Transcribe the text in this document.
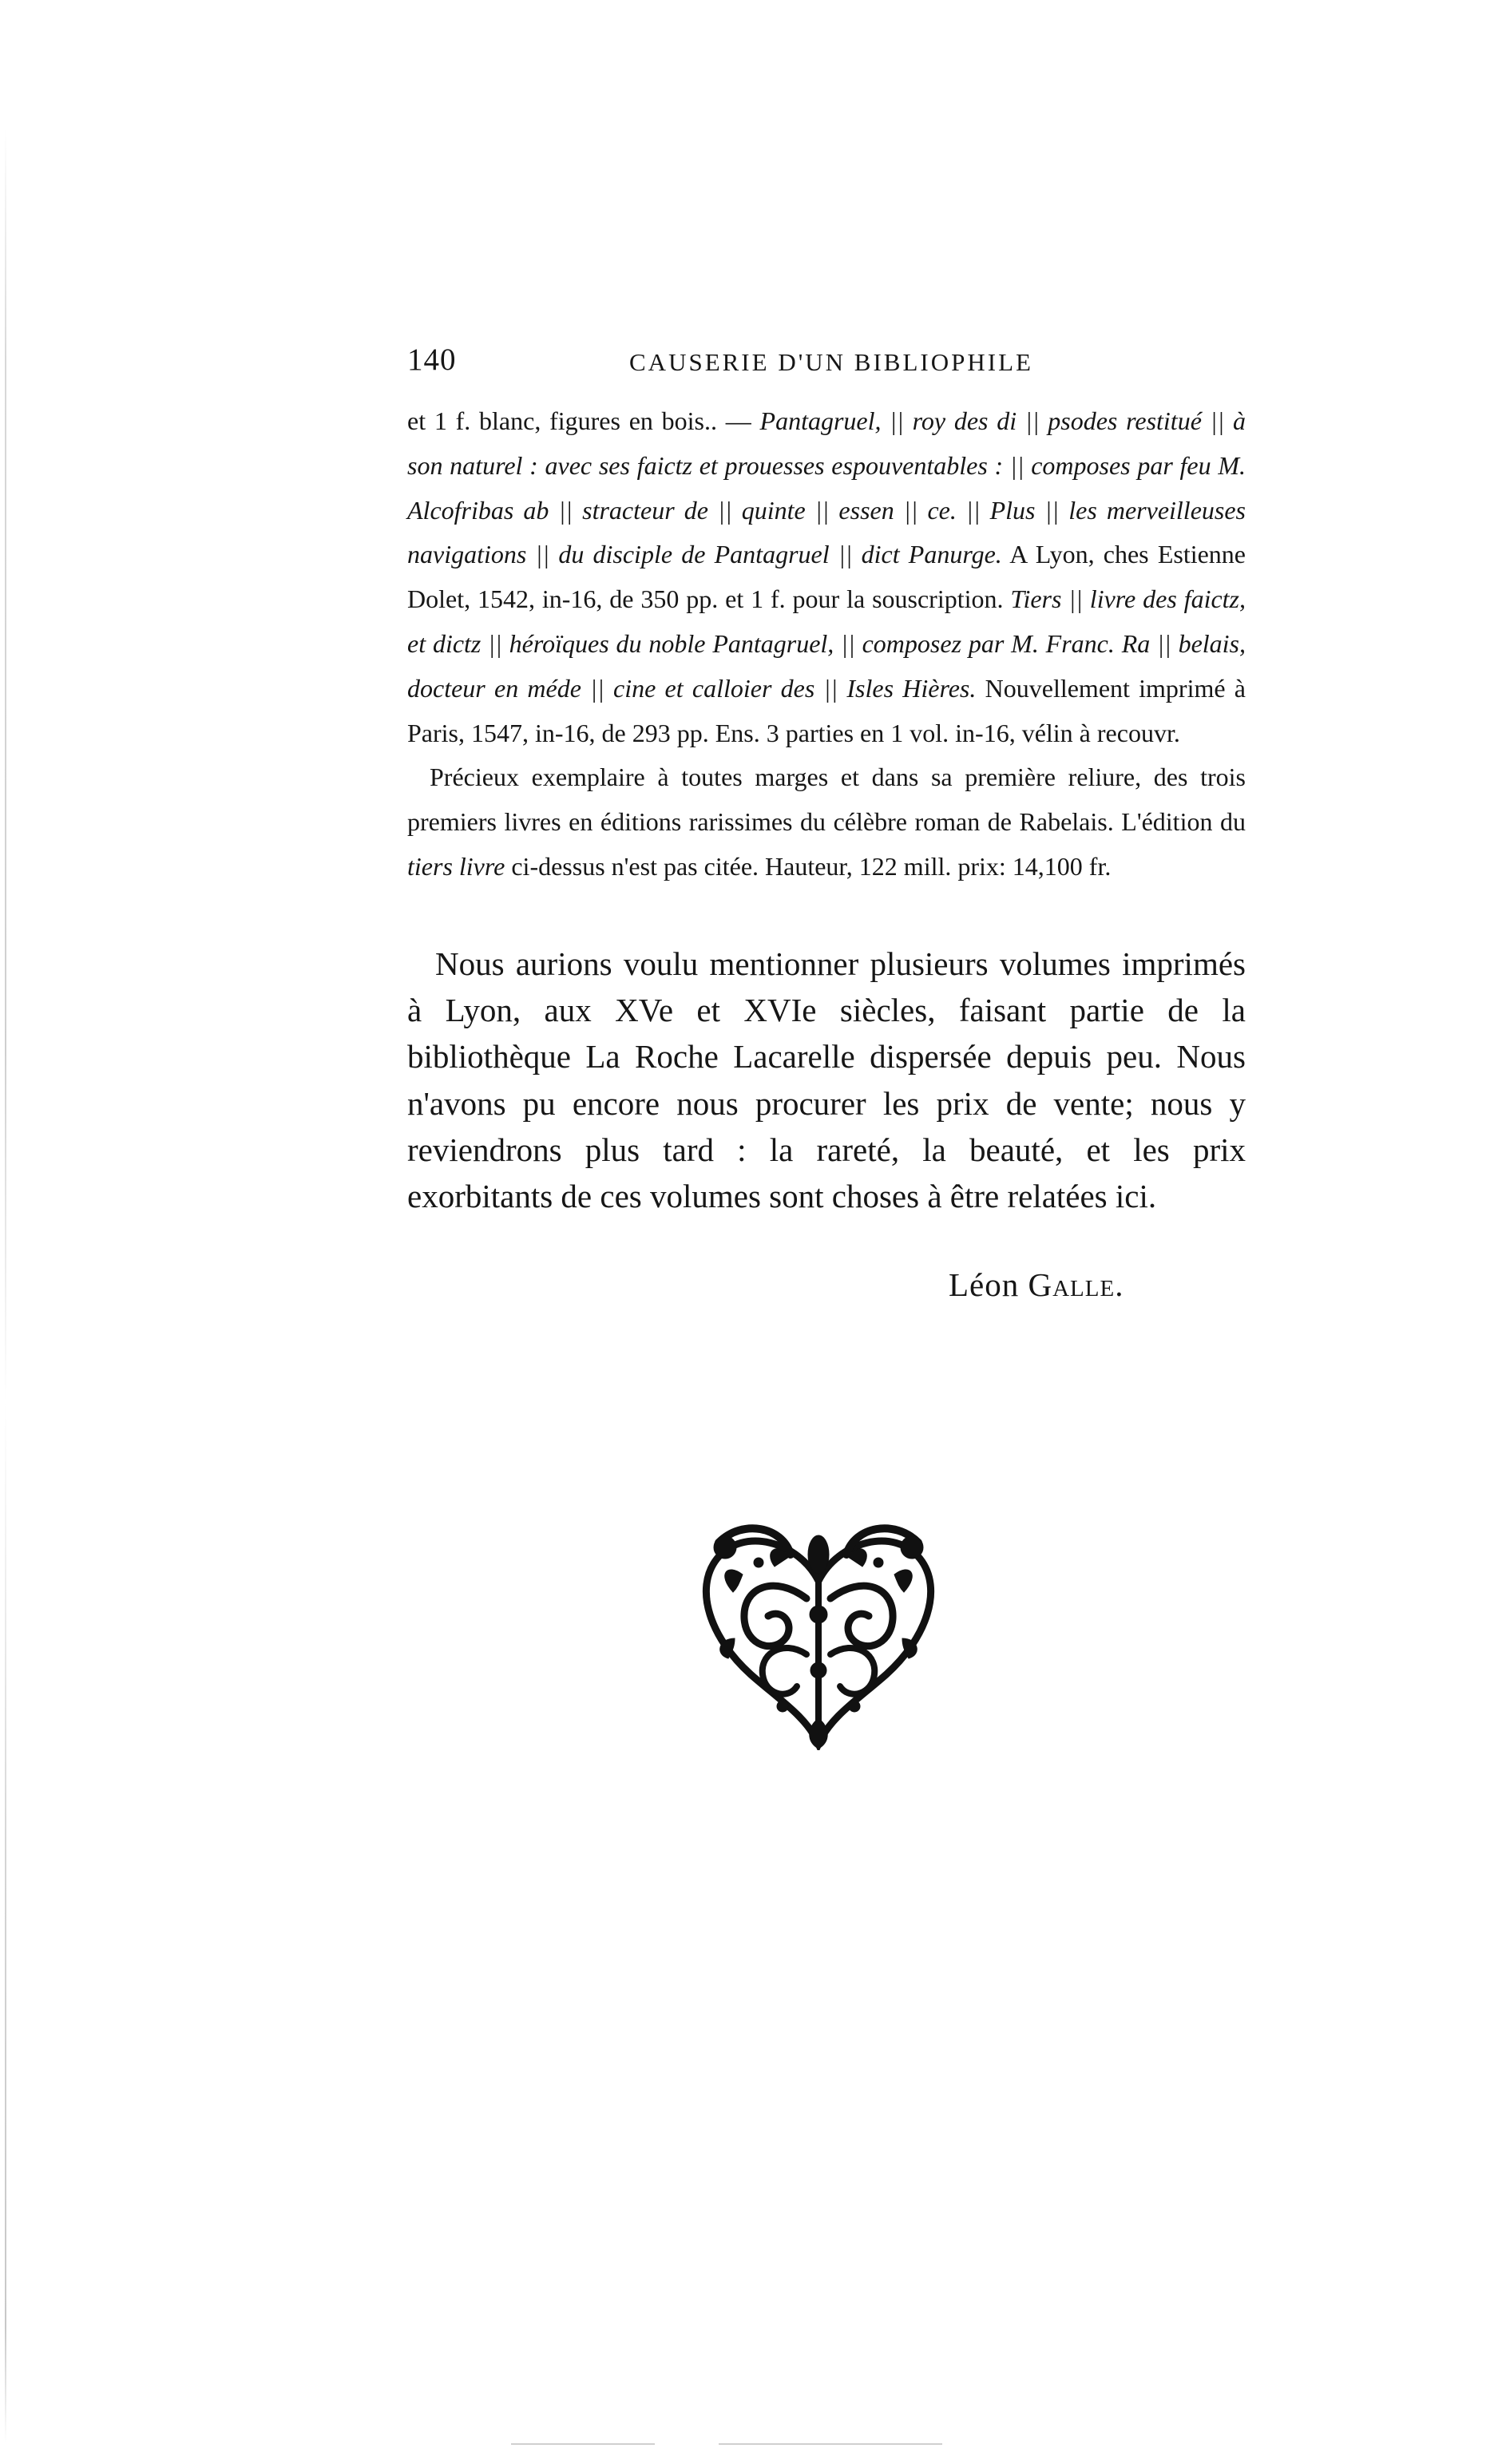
140	CAUSERIE D'UN BIBLIOPHILE

et 1 f. blanc, figures en bois.. — Pantagruel, || roy des di || psodes restitué || à son naturel : avec ses faictz et prouesses espouventables : || composes par feu M. Alcofribas ab || stracteur de || quinte || essen || ce. || Plus || les merveilleuses navigations || du disciple de Pantagruel || dict Panurge. A Lyon, ches Estienne Dolet, 1542, in-16, de 350 pp. et 1 f. pour la souscription. Tiers || livre des faictz, et dictz || héroïques du noble Pantagruel, || composez par M. Franc. Ra || belais, docteur en méde || cine et calloier des || Isles Hières. Nouvellement imprimé à Paris, 1547, in-16, de 293 pp. Ens. 3 parties en 1 vol. in-16, vélin à recouvr.

Précieux exemplaire à toutes marges et dans sa première reliure, des trois premiers livres en éditions rarissimes du célèbre roman de Rabelais. L'édition du tiers livre ci-dessus n'est pas citée. Hauteur, 122 mill. prix: 14,100 fr.

Nous aurions voulu mentionner plusieurs volumes imprimés à Lyon, aux XVe et XVIe siècles, faisant partie de la bibliothèque La Roche Lacarelle dispersée depuis peu. Nous n'avons pu encore nous procurer les prix de vente; nous y reviendrons plus tard : la rareté, la beauté, et les prix exorbitants de ces volumes sont choses à être relatées ici.

Léon Galle.
